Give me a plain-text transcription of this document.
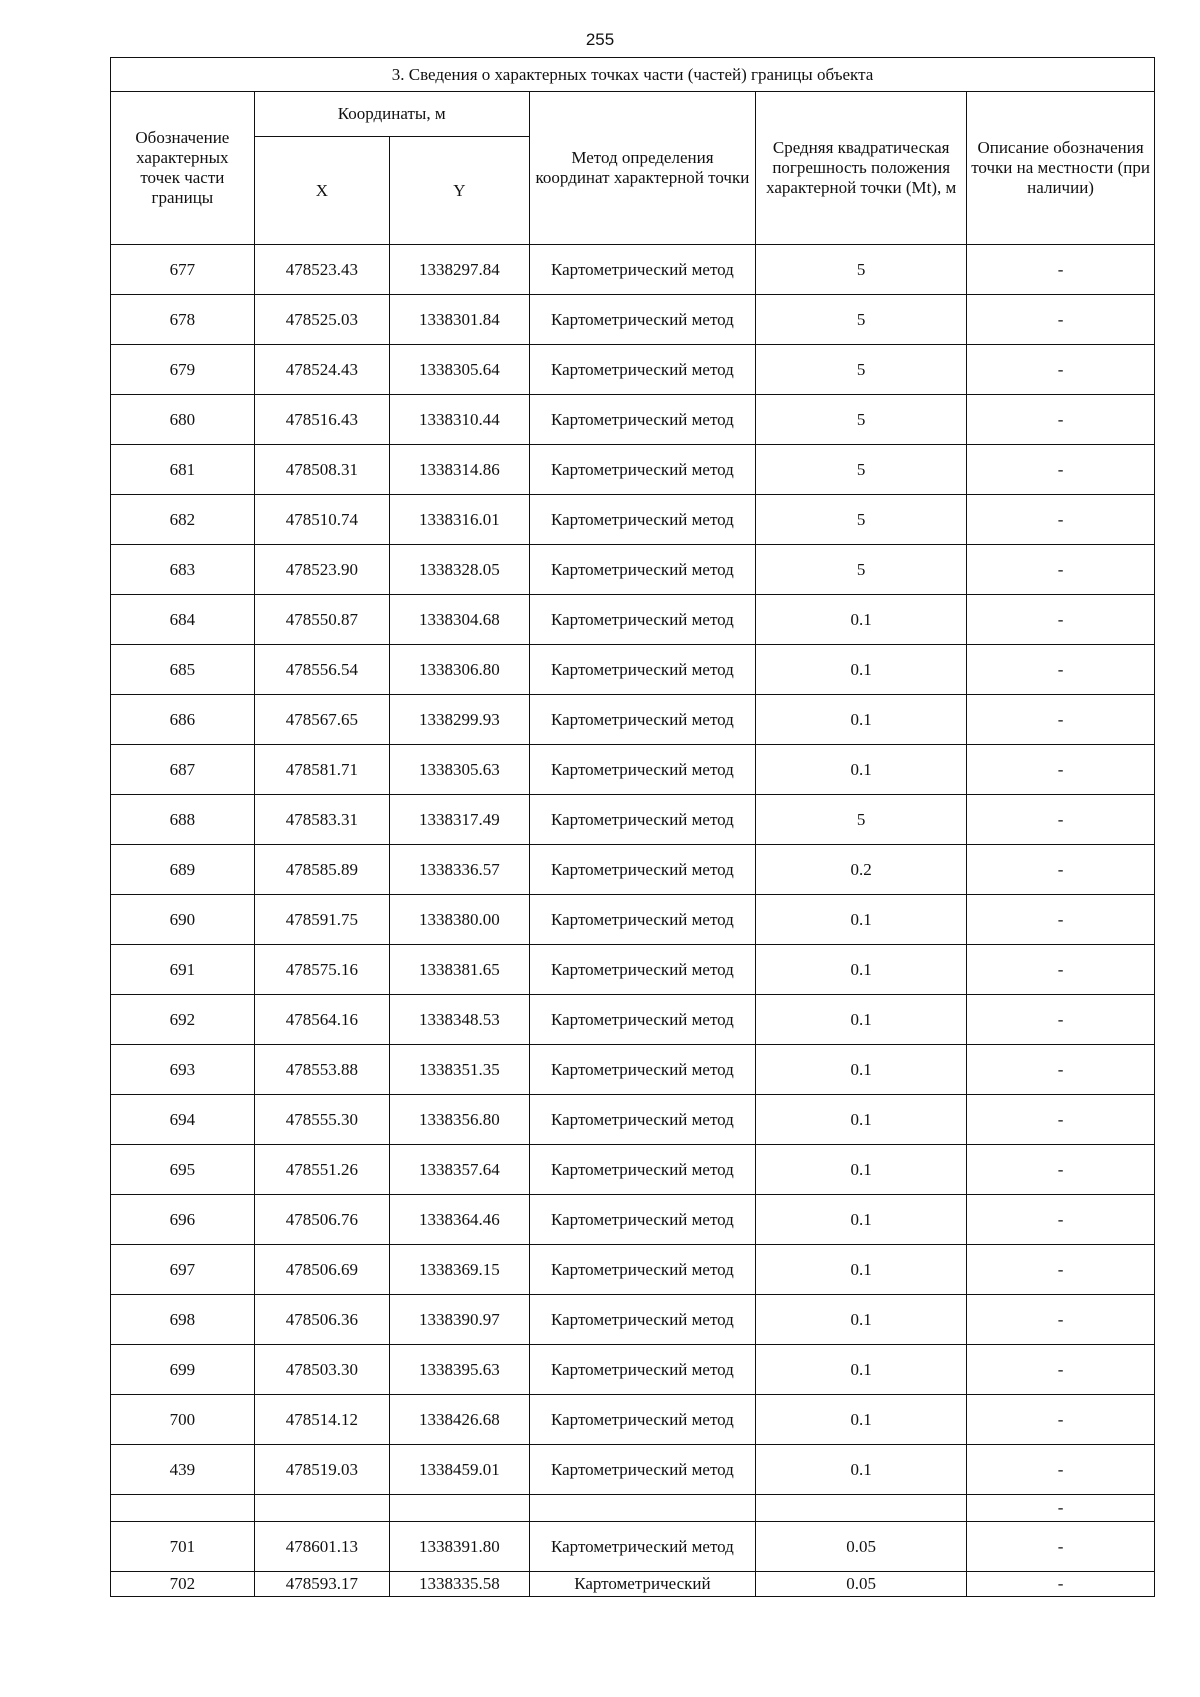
255
3. Сведения о характерных точках части (частей) границы объекта					
Обозначение характерных точек части границы	Координаты, м		Метод определения координат характерной точки	Средняя квадратическая погрешность положения характерной точки (Mt), м	Описание обозначения точки на местности (при наличии)
	X	Y			
677	478523.43	1338297.84	Картометрический метод	5	-
678	478525.03	1338301.84	Картометрический метод	5	-
679	478524.43	1338305.64	Картометрический метод	5	-
680	478516.43	1338310.44	Картометрический метод	5	-
681	478508.31	1338314.86	Картометрический метод	5	-
682	478510.74	1338316.01	Картометрический метод	5	-
683	478523.90	1338328.05	Картометрический метод	5	-
684	478550.87	1338304.68	Картометрический метод	0.1	-
685	478556.54	1338306.80	Картометрический метод	0.1	-
686	478567.65	1338299.93	Картометрический метод	0.1	-
687	478581.71	1338305.63	Картометрический метод	0.1	-
688	478583.31	1338317.49	Картометрический метод	5	-
689	478585.89	1338336.57	Картометрический метод	0.2	-
690	478591.75	1338380.00	Картометрический метод	0.1	-
691	478575.16	1338381.65	Картометрический метод	0.1	-
692	478564.16	1338348.53	Картометрический метод	0.1	-
693	478553.88	1338351.35	Картометрический метод	0.1	-
694	478555.30	1338356.80	Картометрический метод	0.1	-
695	478551.26	1338357.64	Картометрический метод	0.1	-
696	478506.76	1338364.46	Картометрический метод	0.1	-
697	478506.69	1338369.15	Картометрический метод	0.1	-
698	478506.36	1338390.97	Картометрический метод	0.1	-
699	478503.30	1338395.63	Картометрический метод	0.1	-
700	478514.12	1338426.68	Картометрический метод	0.1	-
439	478519.03	1338459.01	Картометрический метод	0.1	-
					-
701	478601.13	1338391.80	Картометрический метод	0.05	-
702	478593.17	1338335.58	Картометрический	0.05	-
